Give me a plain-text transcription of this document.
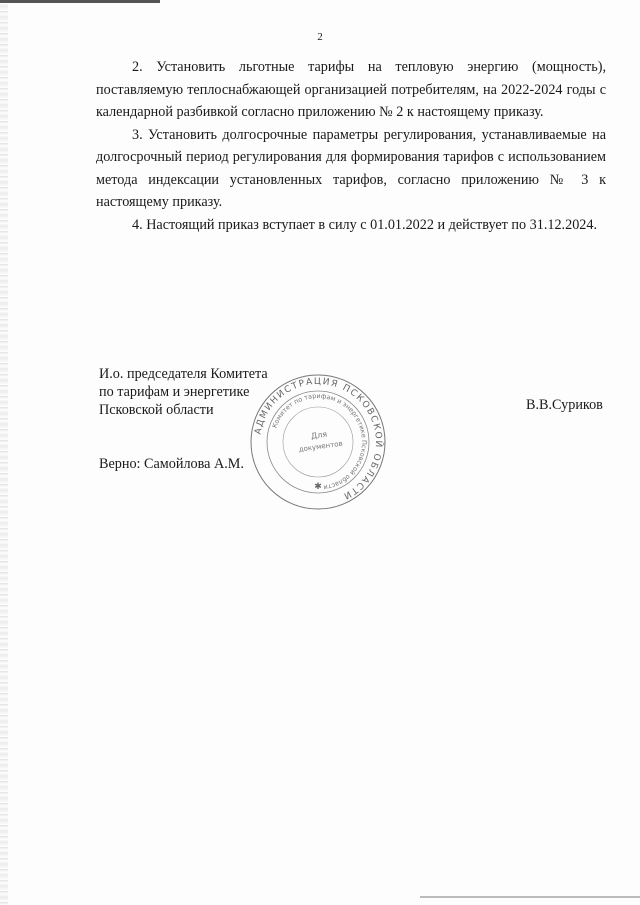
2

2. Установить льготные тарифы на тепловую энергию (мощность), поставляемую теплоснабжающей организацией потребителям, на 2022-2024 годы с календарной разбивкой согласно приложению № 2 к настоящему приказу.

3. Установить долгосрочные параметры регулирования, устанавливаемые на долгосрочный период регулирования для формирования тарифов с использованием метода индексации установленных тарифов, согласно приложению № 3 к настоящему приказу.

4. Настоящий приказ вступает в силу с 01.01.2022 и действует по 31.12.2024.

И.о. председателя Комитета
по тарифам и энергетике
Псковской области	В.В.Суриков
Верно: Самойлова А.М.
АДМИНИСТРАЦИЯ ПСКОВСКОЙ ОБЛАСТИ
Комитет по тарифам и энергетике Псковской области
Для
документов
✱
